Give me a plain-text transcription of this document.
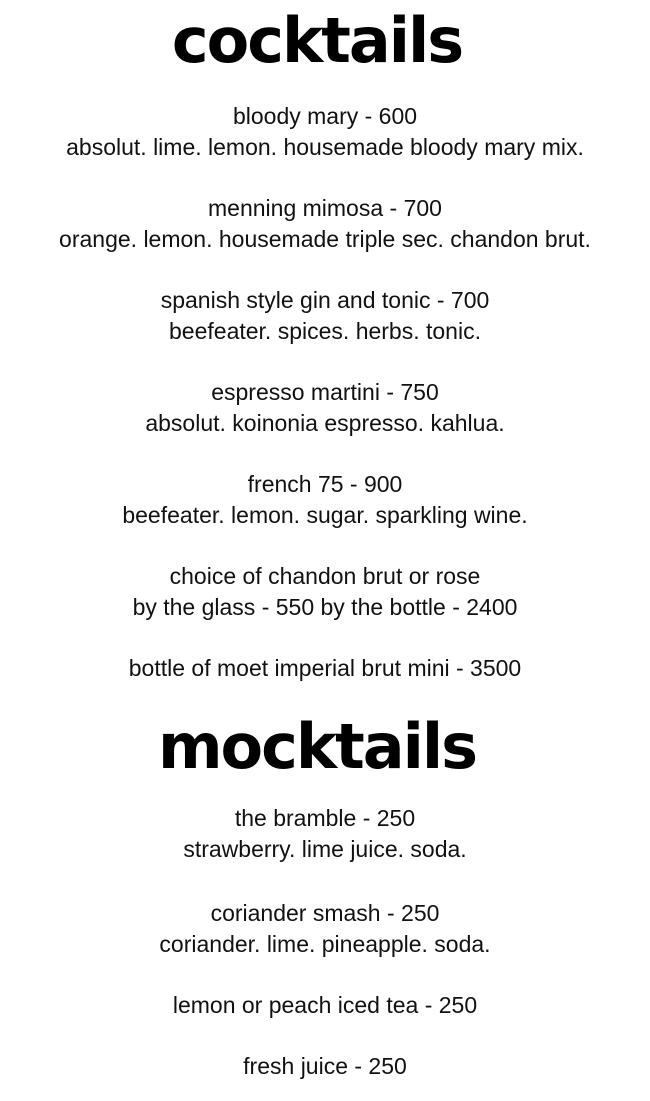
cocktails
bloody mary - 600
absolut. lime. lemon. housemade bloody mary mix.
menning mimosa - 700
orange. lemon. housemade triple sec. chandon brut.
spanish style gin and tonic - 700
beefeater. spices. herbs. tonic.
espresso martini - 750
absolut. koinonia espresso. kahlua.
french 75 - 900
beefeater. lemon. sugar. sparkling wine.
choice of chandon brut or rose
by the glass - 550 by the bottle - 2400
bottle of moet imperial brut mini - 3500
mocktails
the bramble - 250
strawberry. lime juice. soda.
coriander smash - 250
coriander. lime. pineapple. soda.
lemon or peach iced tea - 250
fresh juice - 250
